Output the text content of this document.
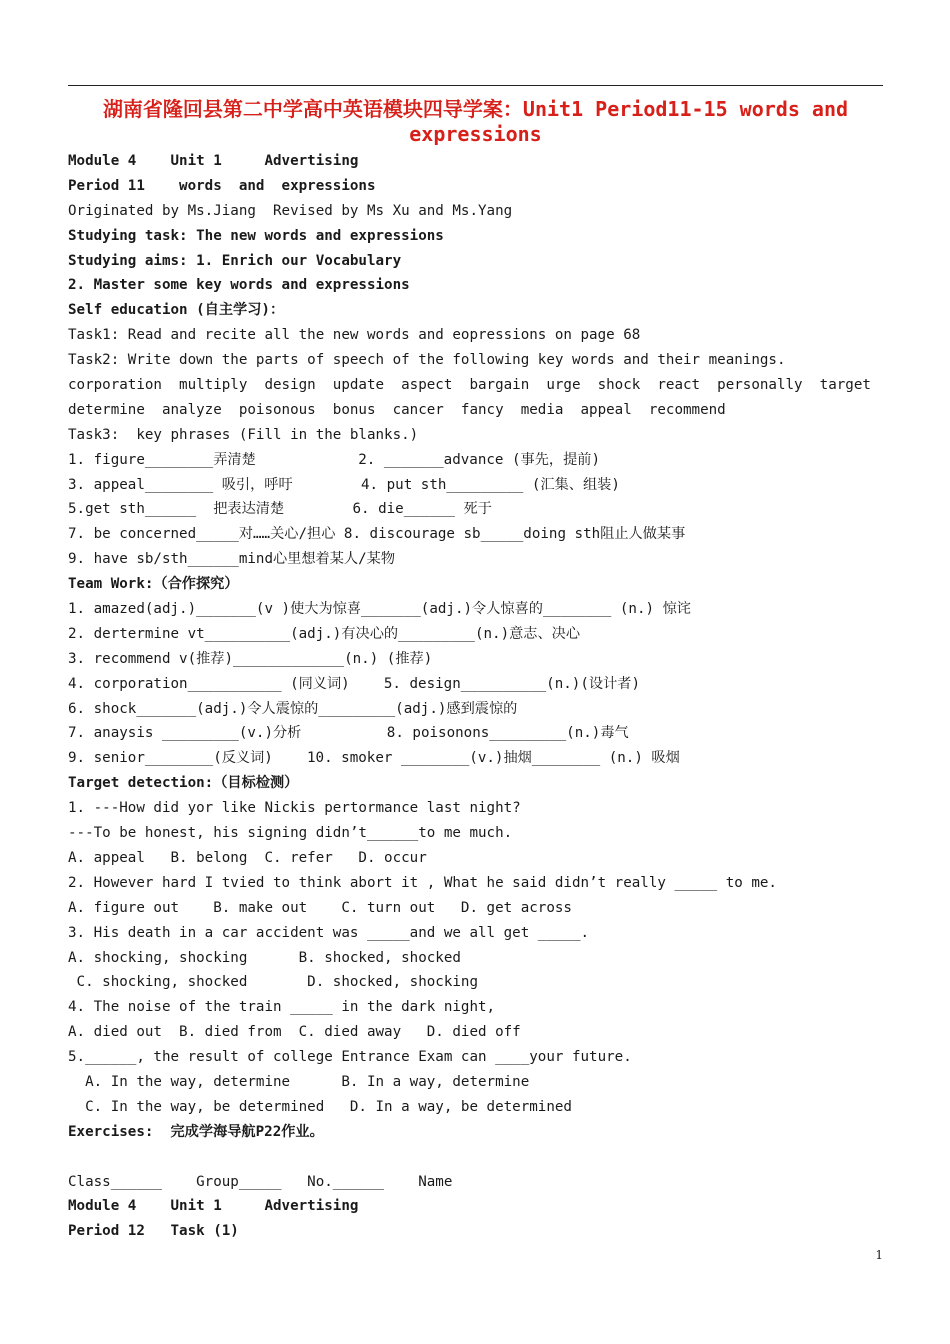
湖南省隆回县第二中学高中英语模块四导学案：Unit1 Period11-15 words and
expressions
Module 4    Unit 1     Advertising
Period 11    words  and  expressions
Originated by Ms.Jiang  Revised by Ms Xu and Ms.Yang
Studying task: The new words and expressions
Studying aims: 1. Enrich our Vocabulary
2. Master some key words and expressions
Self education (自主学习)：
Task1: Read and recite all the new words and eopressions on page 68
Task2: Write down the parts of speech of the following key words and their meanings.
corporation  multiply  design  update  aspect  bargain  urge  shock  react  personally  target
determine  analyze  poisonous  bonus  cancer  fancy  media  appeal  recommend
Task3:  key phrases (Fill in the blanks.)
1. figure________弄清楚            2. _______advance (事先，提前)
3. appeal________ 吸引，呼吁        4. put sth_________ (汇集、组装)
5.get sth______  把表达清楚        6. die______ 死于
7. be concerned_____对……关心/担心 8. discourage sb_____doing sth阻止人做某事
9. have sb/sth______mind心里想着某人/某物
Team Work:（合作探究）
1. amazed(adj.)_______(v )使大为惊喜_______(adj.)令人惊喜的________ (n.) 惊诧
2. dertermine vt__________(adj.)有决心的_________(n.)意志、决心
3. recommend v(推荐)_____________(n.) (推荐)
4. corporation___________ (同义词)    5. design__________(n.)(设计者)
6. shock_______(adj.)令人震惊的_________(adj.)感到震惊的
7. anaysis _________(v.)分析          8. poisonons_________(n.)毒气
9. senior________(反义词)    10. smoker ________(v.)抽烟________ (n.) 吸烟
Target detection:（目标检测）
1. ---How did yor like Nickis pertormance last night?
---To be honest, his signing didn’t______to me much.
A. appeal   B. belong  C. refer   D. occur
2. However hard I tvied to think abort it , What he said didn’t really _____ to me.
A. figure out    B. make out    C. turn out   D. get across
3. His death in a car accident was _____and we all get _____.
A. shocking, shocking      B. shocked, shocked
C. shocking, shocked       D. shocked, shocking
4. The noise of the train _____ in the dark night,
A. died out  B. died from  C. died away   D. died off
5.______, the result of college Entrance Exam can ____your future.
A. In the way, determine      B. In a way, determine
C. In the way, be determined   D. In a way, be determined
Exercises:  完成学海导航P22作业。
Class______    Group_____   No.______    Name
Module 4    Unit 1     Advertising
Period 12   Task (1)
1
